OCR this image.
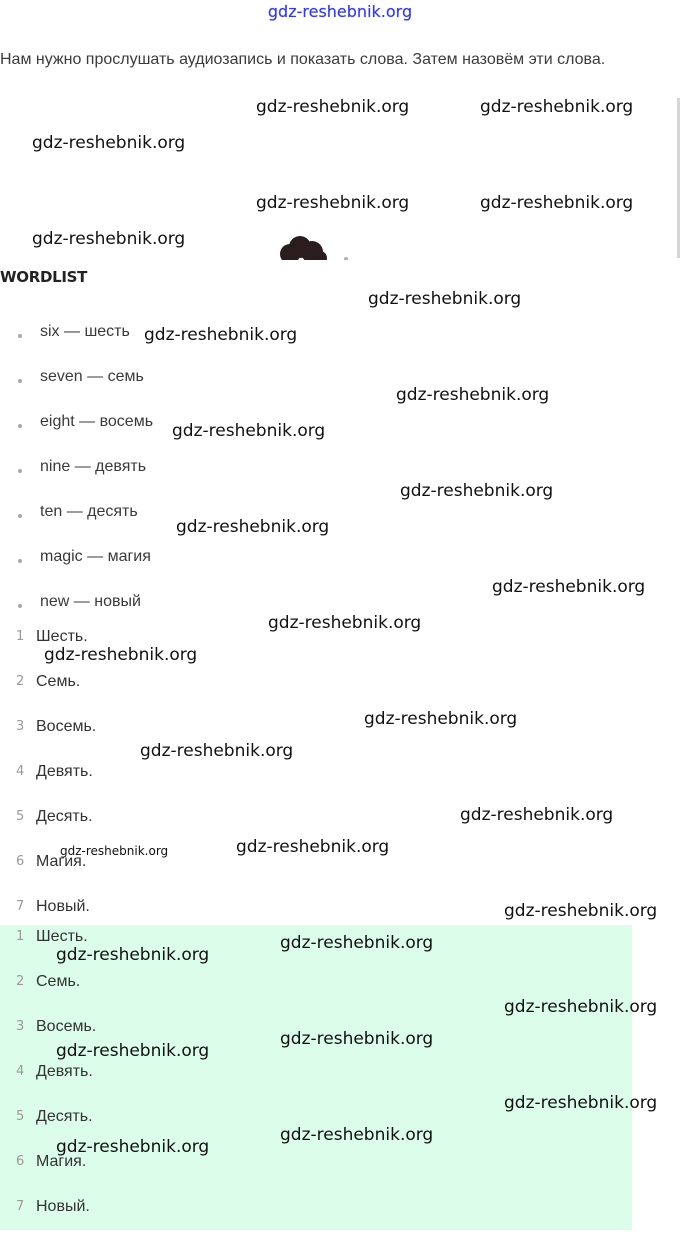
gdz-reshebnik.org

Нам нужно прослушать аудиозапись и показать слова. Затем назовём эти слова.

WORDLIST
six — шесть
seven — семь
eight — восемь
nine — девять
ten — десять
magic — магия
new — новый
1 Шесть.
2 Семь.
3 Восемь.
4 Девять.
5 Десять.
6 Магия.
7 Новый.
1 Шесть.
2 Семь.
3 Восемь.
4 Девять.
5 Десять.
6 Магия.
7 Новый.
gdz-reshebnik.org	gdz-reshebnik.org
gdz-reshebnik.org
gdz-reshebnik.org	gdz-reshebnik.org
gdz-reshebnik.org
gdz-reshebnik.org
gdz-reshebnik.org
gdz-reshebnik.org
gdz-reshebnik.org
gdz-reshebnik.org
gdz-reshebnik.org
gdz-reshebnik.org
gdz-reshebnik.org
gdz-reshebnik.org
gdz-reshebnik.org
gdz-reshebnik.org
gdz-reshebnik.org
gdz-reshebnik.org	gdz-reshebnik.org
gdz-reshebnik.org
gdz-reshebnik.org
gdz-reshebnik.org
gdz-reshebnik.org
gdz-reshebnik.org
gdz-reshebnik.org
gdz-reshebnik.org
gdz-reshebnik.org
gdz-reshebnik.org
